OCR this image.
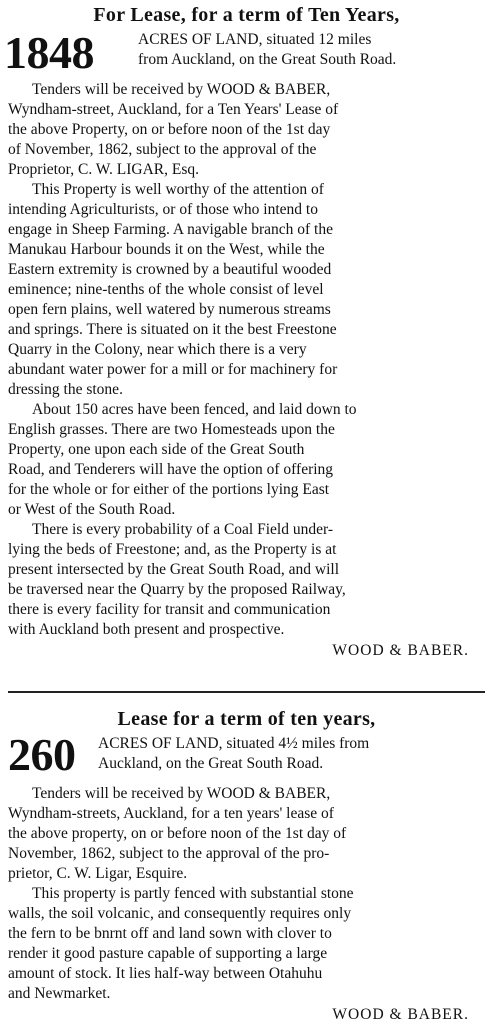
For Lease, for a term of Ten Years,
1848	ACRES OF LAND, situated 12 miles
from Auckland, on the Great South Road.
Tenders will be received by WOOD & BABER,
Wyndham-street, Auckland, for a Ten Years' Lease of
the above Property, on or before noon of the 1st day
of November, 1862, subject to the approval of the
Proprietor, C. W. LIGAR, Esq.
This Property is well worthy of the attention of
intending Agriculturists, or of those who intend to
engage in Sheep Farming. A navigable branch of the
Manukau Harbour bounds it on the West, while the
Eastern extremity is crowned by a beautiful wooded
eminence; nine-tenths of the whole consist of level
open fern plains, well watered by numerous streams
and springs. There is situated on it the best Freestone
Quarry in the Colony, near which there is a very
abundant water power for a mill or for machinery for
dressing the stone.
About 150 acres have been fenced, and laid down to
English grasses. There are two Homesteads upon the
Property, one upon each side of the Great South
Road, and Tenderers will have the option of offering
for the whole or for either of the portions lying East
or West of the South Road.
There is every probability of a Coal Field under-
lying the beds of Freestone; and, as the Property is at
present intersected by the Great South Road, and will
be traversed near the Quarry by the proposed Railway,
there is every facility for transit and communication
with Auckland both present and prospective.
WOOD & BABER.
Lease for a term of ten years,
260	ACRES OF LAND, situated 4½ miles from
Auckland, on the Great South Road.
Tenders will be received by WOOD & BABER,
Wyndham-streets, Auckland, for a ten years' lease of
the above property, on or before noon of the 1st day of
November, 1862, subject to the approval of the pro-
prietor, C. W. Ligar, Esquire.
This property is partly fenced with substantial stone
walls, the soil volcanic, and consequently requires only
the fern to be bnrnt off and land sown with clover to
render it good pasture capable of supporting a large
amount of stock. It lies half-way between Otahuhu
and Newmarket.
WOOD & BABER.
